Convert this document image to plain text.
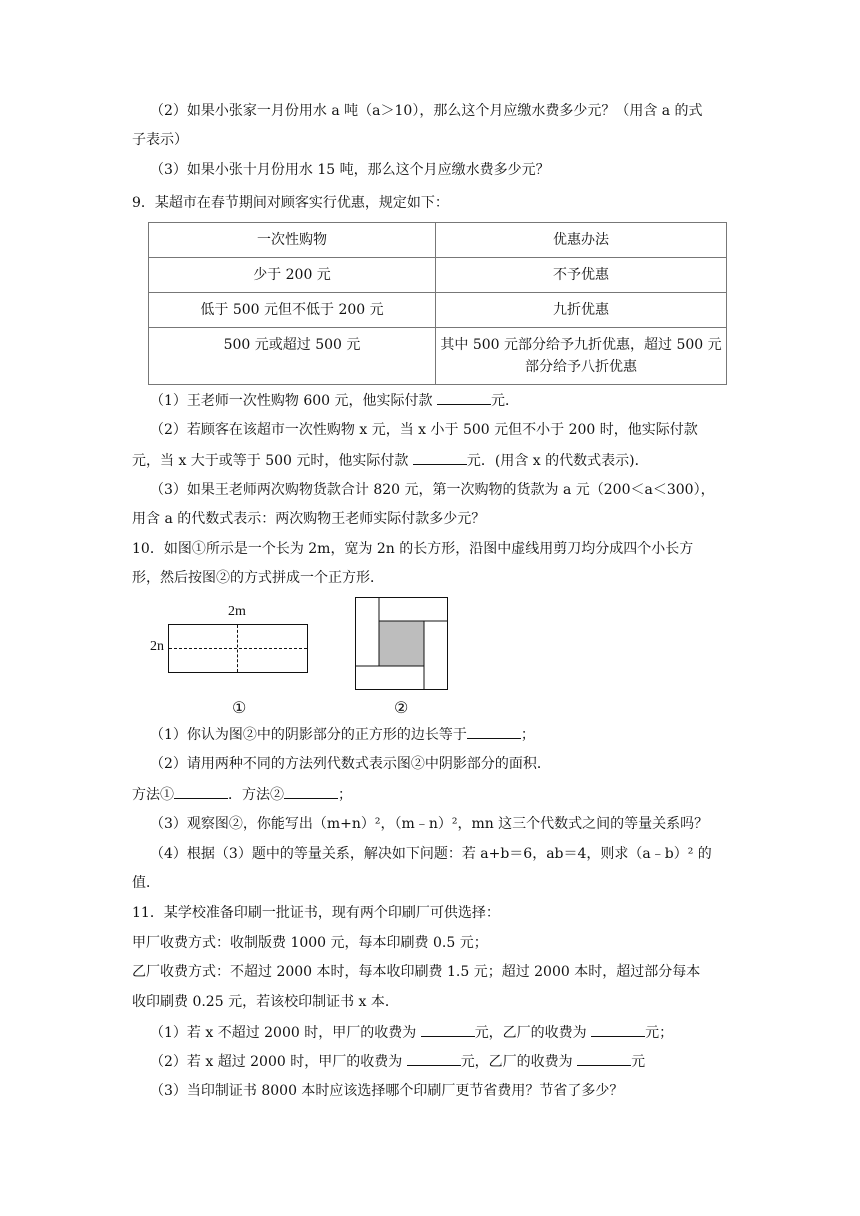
（2）如果小张家一月份用水 a 吨（a＞10），那么这个月应缴水费多少元？（用含 a 的式
子表示）
（3）如果小张十月份用水 15 吨，那么这个月应缴水费多少元？
9．某超市在春节期间对顾客实行优惠，规定如下：
一次性购物	优惠办法
少于 200 元	不予优惠
低于 500 元但不低于 200 元	九折优惠
500 元或超过 500 元	其中 500 元部分给予九折优惠，超过 500 元部分给予八折优惠
（1）王老师一次性购物 600 元，他实际付款	元．
（2）若顾客在该超市一次性购物 x 元，当 x 小于 500 元但不小于 200 时，他实际付款
元，当 x 大于或等于 500 元时，他实际付款	元．(用含 x 的代数式表示)．
（3）如果王老师两次购物货款合计 820 元，第一次购物的货款为 a 元（200＜a＜300），
用含 a 的代数式表示：两次购物王老师实际付款多少元？
10．如图①所示是一个长为 2m，宽为 2n 的长方形，沿图中虚线用剪刀均分成四个小长方
形，然后按图②的方式拼成一个正方形．
2m
2n
①	②
（1）你认为图②中的阴影部分的正方形的边长等于	；
（2）请用两种不同的方法列代数式表示图②中阴影部分的面积．
方法①	．方法②	；
（3）观察图②，你能写出（m+n）²，（m﹣n）²，mn 这三个代数式之间的等量关系吗？
（4）根据（3）题中的等量关系，解决如下问题：若 a+b＝6，ab＝4，则求（a﹣b）² 的
值．
11．某学校准备印刷一批证书，现有两个印刷厂可供选择：
甲厂收费方式：收制版费 1000 元，每本印刷费 0.5 元；
乙厂收费方式：不超过 2000 本时，每本收印刷费 1.5 元；超过 2000 本时，超过部分每本
收印刷费 0.25 元，若该校印制证书 x 本．
（1）若 x 不超过 2000 时，甲厂的收费为	元，乙厂的收费为	元；
（2）若 x 超过 2000 时，甲厂的收费为	元，乙厂的收费为	元
（3）当印制证书 8000 本时应该选择哪个印刷厂更节省费用？节省了多少？
